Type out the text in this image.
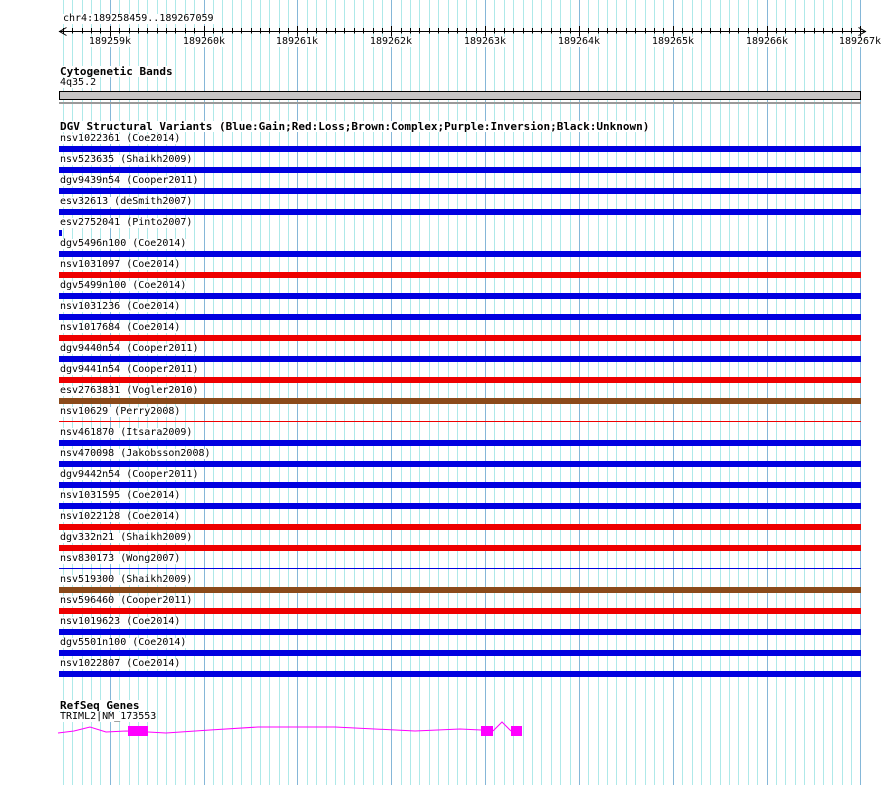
chr4:189258459..189267059
189259k	189260k	189261k	189262k	189263k	189264k	189265k	189266k	189267k
Cytogenetic Bands
4q35.2
DGV Structural Variants (Blue:Gain;Red:Loss;Brown:Complex;Purple:Inversion;Black:Unknown)
nsv1022361 (Coe2014)
nsv523635 (Shaikh2009)
dgv9439n54 (Cooper2011)
esv32613 (deSmith2007)
esv2752041 (Pinto2007)
dgv5496n100 (Coe2014)
nsv1031097 (Coe2014)
dgv5499n100 (Coe2014)
nsv1031236 (Coe2014)
nsv1017684 (Coe2014)
dgv9440n54 (Cooper2011)
dgv9441n54 (Cooper2011)
esv2763831 (Vogler2010)
nsv10629 (Perry2008)
nsv461870 (Itsara2009)
nsv470098 (Jakobsson2008)
dgv9442n54 (Cooper2011)
nsv1031595 (Coe2014)
nsv1022128 (Coe2014)
dgv332n21 (Shaikh2009)
nsv830173 (Wong2007)
nsv519300 (Shaikh2009)
nsv596460 (Cooper2011)
nsv1019623 (Coe2014)
dgv5501n100 (Coe2014)
nsv1022807 (Coe2014)
RefSeq Genes
TRIML2|NM_173553
